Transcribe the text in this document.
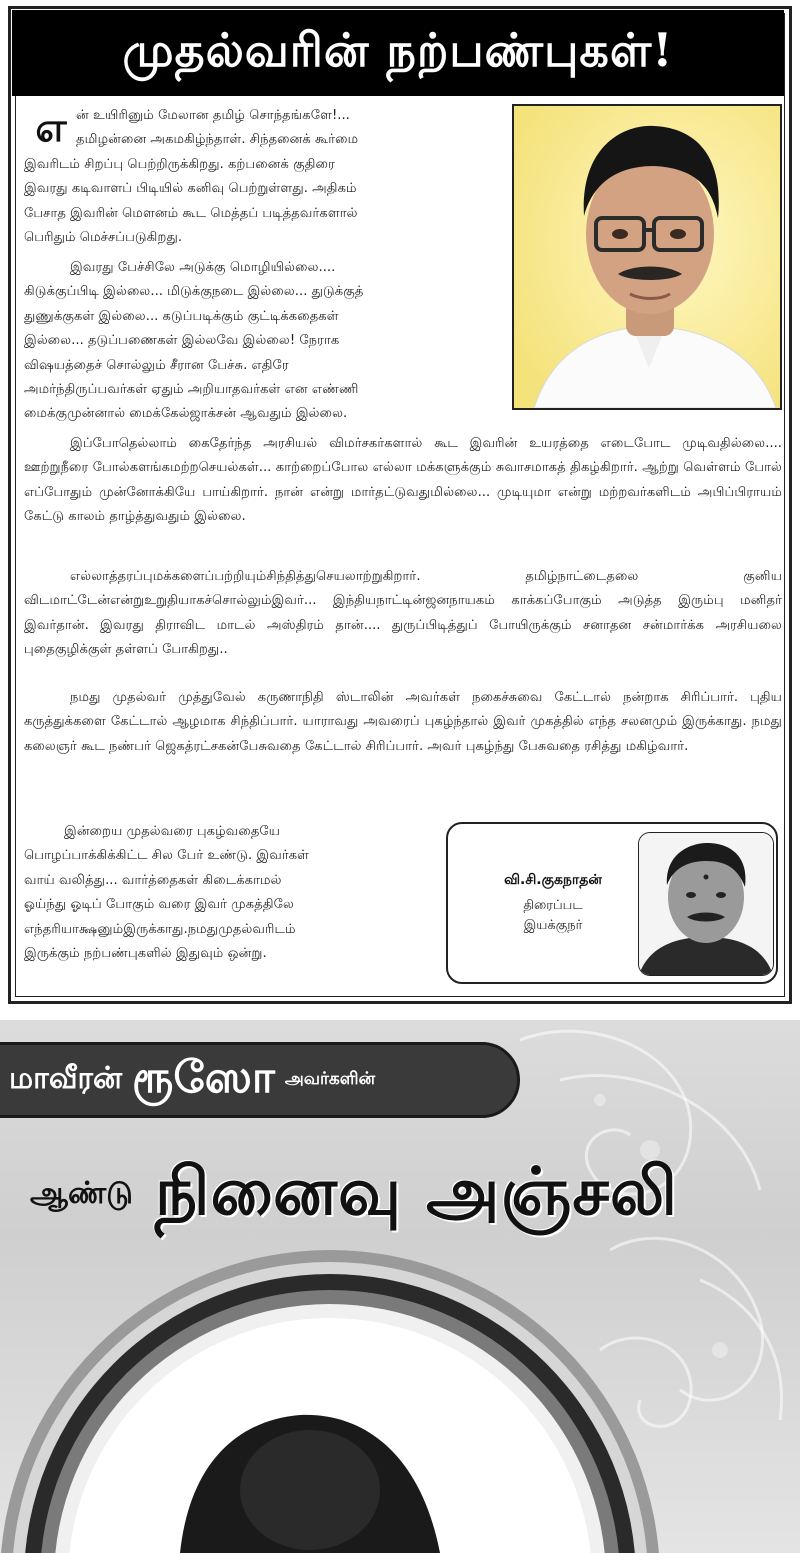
முதல்வரின் நற்பண்புகள்!
எ ன் உயிரினும் மேலான தமிழ் சொந்தங்களே!...
தமிழன்னை அகமகிழ்ந்தாள். சிந்தனைக் கூர்மை
இவரிடம் சிறப்பு பெற்றிருக்கிறது. கற்பனைக் குதிரை
இவரது கடிவாளப் பிடியில் கனிவு பெற்றுள்ளது. அதிகம்
பேசாத இவரின் மௌனம் கூட மெத்தப் படித்தவர்களால்
பெரிதும் மெச்சப்படுகிறது.
இவரது பேச்சிலே அடுக்கு மொழியில்லை....
கிடுக்குப்பிடி இல்லை... மிடுக்குநடை இல்லை... துடுக்குத்
துணுக்குகள் இல்லை... கடுப்படிக்கும் குட்டிக்கதைகள்
இல்லை... தடுப்பணைகள் இல்லவே இல்லை! நேராக
விஷயத்தைச் சொல்லும் சீரான பேச்சு. எதிரே
அமர்ந்திருப்பவர்கள் ஏதும் அறியாதவர்கள் என எண்ணி
மைக்குமுன்னால் மைக்கேல்ஜாக்சன் ஆவதும் இல்லை.

இப்போதெல்லாம் கைதேர்ந்த அரசியல் விமர்சகர்களால் கூட இவரின் உயரத்தை எடைபோட முடிவதில்லை.... ஊற்றுநீரை போல்களங்கமற்றசெயல்கள்... காற்றைப்போல எல்லா மக்களுக்கும் சுவாசமாகத் திகழ்கிறார். ஆற்று வெள்ளம் போல் எப்போதும் முன்னோக்கியே பாய்கிறார். நான் என்று மார்தட்டுவதுமில்லை... முடியுமா என்று மற்றவர்களிடம் அபிப்பிராயம் கேட்டு காலம் தாழ்த்துவதும் இல்லை.

எல்லாத்தரப்புமக்களைப்பற்றியும்சிந்தித்துசெயலாற்றுகிறார். தமிழ்நாட்டைதலை குனிய விடமாட்டேன்என்றுஉறுதியாகச்சொல்லும்இவர்... இந்தியநாட்டின்ஜனநாயகம் காக்கப்போகும் அடுத்த இரும்பு மனிதர் இவர்தான். இவரது திராவிட மாடல் அஸ்திரம் தான்.... துருப்பிடித்துப் போயிருக்கும் சனாதன சன்மார்க்க அரசியலை புதைகுழிக்குள் தள்ளப் போகிறது..

நமது முதல்வர் முத்துவேல் கருணாநிதி ஸ்டாலின் அவர்கள் நகைச்சுவை கேட்டால் நன்றாக சிரிப்பார். புதிய கருத்துக்களை கேட்டால் ஆழமாக சிந்திப்பார். யாராவது அவரைப் புகழ்ந்தால் இவர் முகத்தில் எந்த சலனமும் இருக்காது. நமது கலைஞர் கூட நண்பர் ஜெகத்ரட்சகன்பேசுவதை கேட்டால் சிரிப்பார். அவர் புகழ்ந்து பேசுவதை ரசித்து மகிழ்வார்.

இன்றைய முதல்வரை புகழ்வதையே
பொழப்பாக்கிக்கிட்ட சில பேர் உண்டு. இவர்கள்
வாய் வலித்து... வார்த்தைகள் கிடைக்காமல்
ஓய்ந்து ஓடிப் போகும் வரை இவர் முகத்திலே
எந்தரியாக்ஷனும்இருக்காது.நமதுமுதல்வரிடம்
இருக்கும் நற்பண்புகளில் இதுவும் ஒன்று.
வி.சி.குகநாதன்
திரைப்பட
இயக்குநர்
மாவீரன் ரூஸோ அவர்களின்
ஆண்டு நினைவு அஞ்சலி
